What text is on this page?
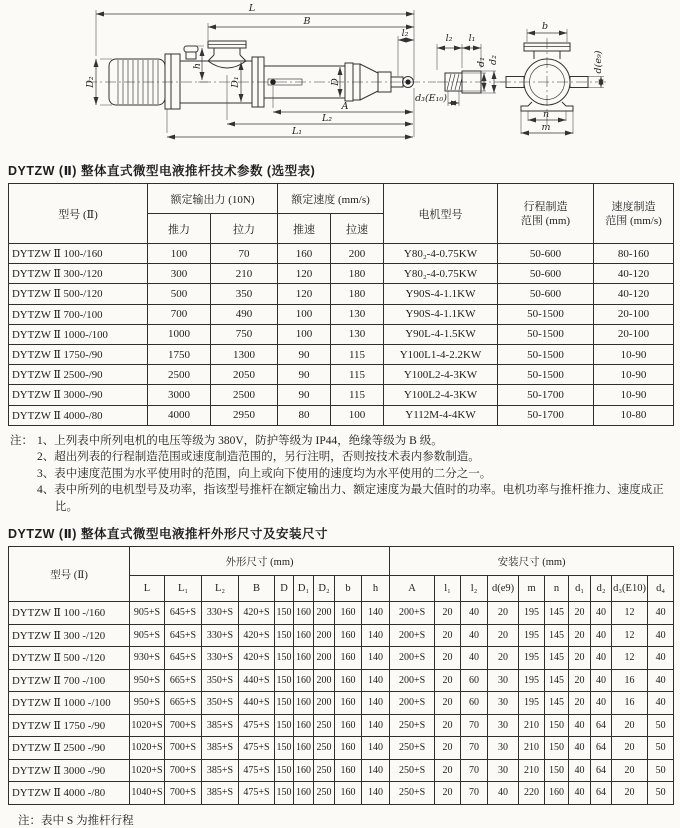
L
B
l₂
D₂
h
D₁	D
A
L₂
L₁
l₂ l₁
d₁ d₂
d₃(E₁₀)
b
d(e₉)
n
m
DYTZW (Ⅱ) 整体直式微型电液推杆技术参数 (选型表)
型号 (Ⅱ)	额定输出力 (10N)		额定速度 (mm/s)		电机型号	行程制造
范围 (mm)	速度制造
范围 (mm/s)

	推力	拉力	推速	拉速			
DYTZW Ⅱ 100-/160	100	70	160	200	Y80₂-4-0.75KW	50-600	80-160
DYTZW Ⅱ 300-/120	300	210	120	180	Y80₂-4-0.75KW	50-600	40-120
DYTZW Ⅱ 500-/120	500	350	120	180	Y90S-4-1.1KW	50-600	40-120
DYTZW Ⅱ 700-/100	700	490	100	130	Y90S-4-1.1KW	50-1500	20-100
DYTZW Ⅱ 1000-/100	1000	750	100	130	Y90L-4-1.5KW	50-1500	20-100
DYTZW Ⅱ 1750-/90	1750	1300	90	115	Y100L1-4-2.2KW	50-1500	10-90
DYTZW Ⅱ 2500-/90	2500	2050	90	115	Y100L2-4-3KW	50-1500	10-90
DYTZW Ⅱ 3000-/90	3000	2500	90	115	Y100L2-4-3KW	50-1700	10-90
DYTZW Ⅱ 4000-/80	4000	2950	80	100	Y112M-4-4KW	50-1700	10-80
注： 1、上列表中所列电机的电压等级为 380V，防护等级为 IP44，绝缘等级为 B 级。
2、超出列表的行程制造范围或速度制造范围的，另行注明，否则按技术表内参数制造。
3、表中速度范围为水平使用时的范围，向上或向下使用的速度均为水平使用的二分之一。
4、表中所列的电机型号及功率，指该型号推杆在额定输出力、额定速度为最大值时的功率。电机功率与推杆推力、速度成正比。
DYTZW (Ⅱ) 整体直式微型电液推杆外形尺寸及安装尺寸
型号 (Ⅱ)	外形尺寸 (mm)									安装尺寸 (mm)									
	L	L₁	L₂	B	D	D₁	D₂	b	h	A	l₁	l₂	d(e9)	m	n	d₁	d₂	d₃(E10)	d₄
DYTZW Ⅱ 100 -/160	905+S	645+S	330+S	420+S	150	160	200	160	140	200+S	20	40	20	195	145	20	40	12	40
DYTZW Ⅱ 300 -/120	905+S	645+S	330+S	420+S	150	160	200	160	140	200+S	20	40	20	195	145	20	40	12	40
DYTZW Ⅱ 500 -/120	930+S	645+S	330+S	420+S	150	160	200	160	140	200+S	20	40	20	195	145	20	40	12	40
DYTZW Ⅱ 700 -/100	950+S	665+S	350+S	440+S	150	160	200	160	140	200+S	20	60	30	195	145	20	40	16	40
DYTZW Ⅱ 1000 -/100	950+S	665+S	350+S	440+S	150	160	200	160	140	200+S	20	60	30	195	145	20	40	16	40
DYTZW Ⅱ 1750 -/90	1020+S	700+S	385+S	475+S	150	160	250	160	140	250+S	20	70	30	210	150	40	64	20	50
DYTZW Ⅱ 2500 -/90	1020+S	700+S	385+S	475+S	150	160	250	160	140	250+S	20	70	30	210	150	40	64	20	50
DYTZW Ⅱ 3000 -/90	1020+S	700+S	385+S	475+S	150	160	250	160	140	250+S	20	70	30	210	150	40	64	20	50
DYTZW Ⅱ 4000 -/80	1040+S	700+S	385+S	475+S	150	160	250	160	140	250+S	20	70	40	220	160	40	64	20	50
注：表中 S 为推杆行程
